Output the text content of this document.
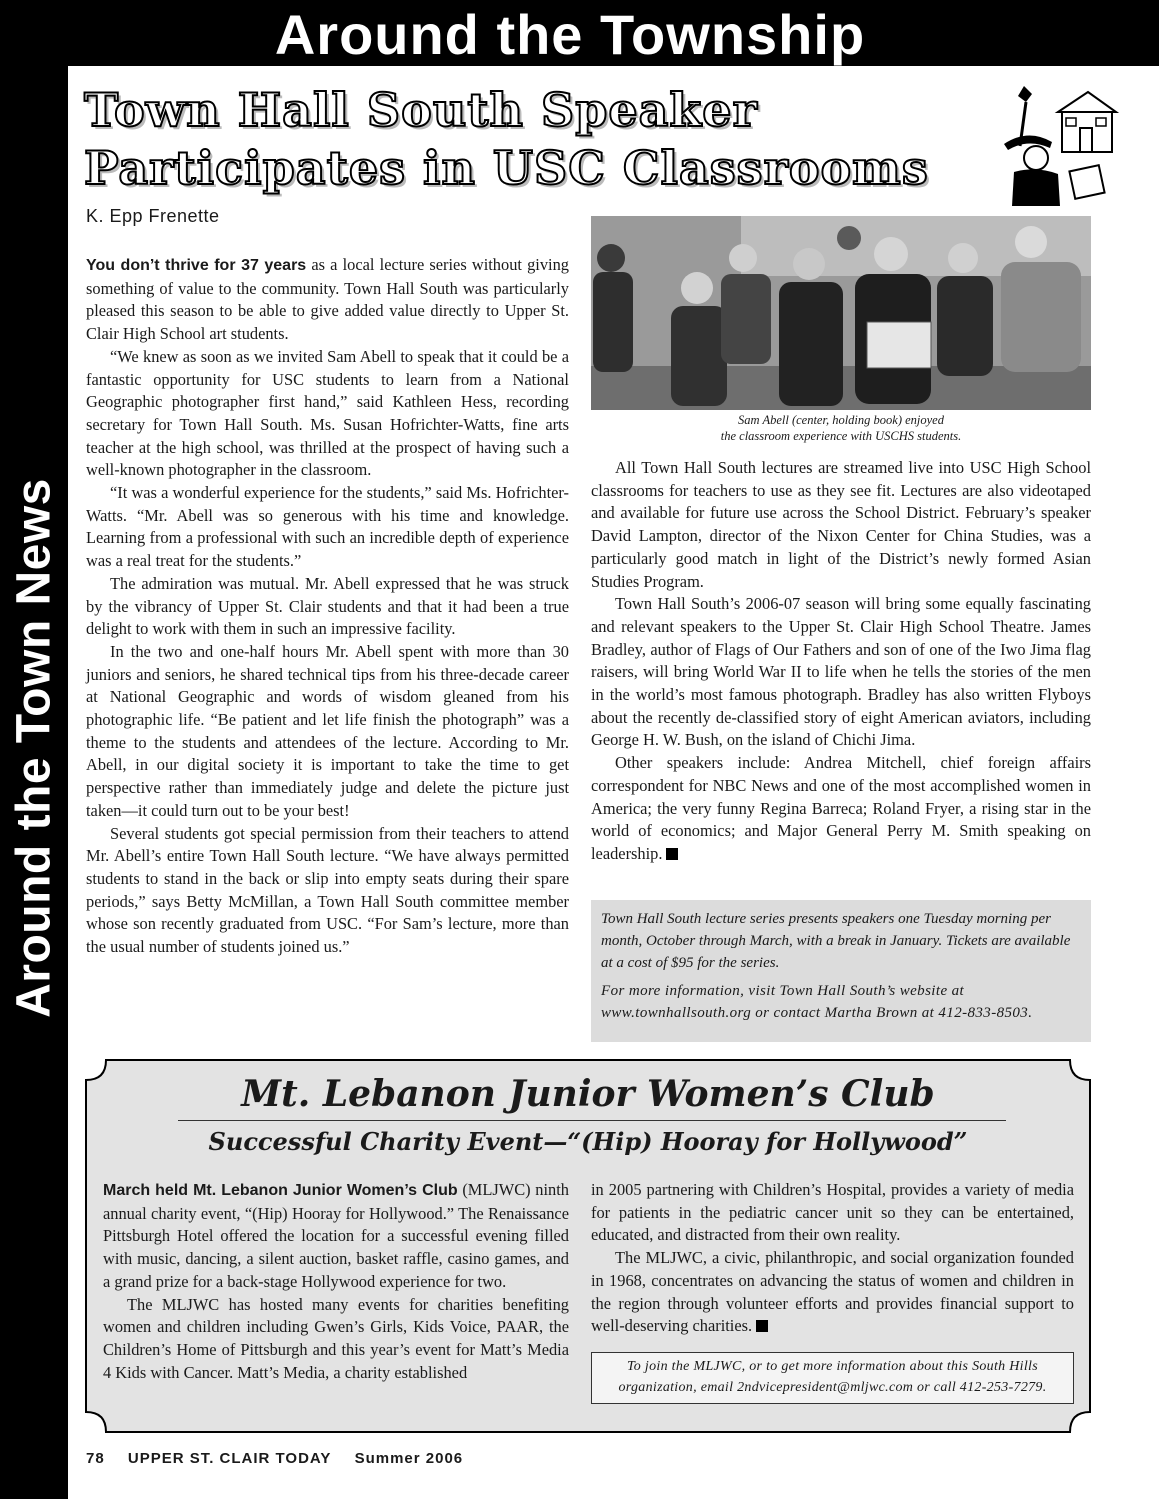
Around the Township
Around the Town News
Town Hall South Speaker
Participates in USC Classrooms
K. Epp Frenette

You don’t thrive for 37 years as a local lecture series without giving something of value to the community. Town Hall South was particularly pleased this season to be able to give added value directly to Upper St. Clair High School art students.

“We knew as soon as we invited Sam Abell to speak that it could be a fantastic opportunity for USC students to learn from a National Geographic photographer first hand,” said Kathleen Hess, recording secretary for Town Hall South. Ms. Susan Hofrichter-Watts, fine arts teacher at the high school, was thrilled at the prospect of having such a well-known photographer in the classroom.

“It was a wonderful experience for the students,” said Ms. Hofrichter-Watts. “Mr. Abell was so generous with his time and knowledge. Learning from a professional with such an incredible depth of experience was a real treat for the students.”

The admiration was mutual. Mr. Abell expressed that he was struck by the vibrancy of Upper St. Clair students and that it had been a true delight to work with them in such an impressive facility.

In the two and one-half hours Mr. Abell spent with more than 30 juniors and seniors, he shared technical tips from his three-decade career at National Geographic and words of wisdom gleaned from his photographic life. “Be patient and let life finish the photograph” was a theme to the students and attendees of the lecture. According to Mr. Abell, in our digital society it is important to take the time to get perspective rather than immediately judge and delete the picture just taken—it could turn out to be your best!

Several students got special permission from their teachers to attend Mr. Abell’s entire Town Hall South lecture. “We have always permitted students to stand in the back or slip into empty seats during their spare periods,” says Betty McMillan, a Town Hall South committee member whose son recently graduated from USC. “For Sam’s lecture, more than the usual number of students joined us.”

Sam Abell (center, holding book) enjoyed
the classroom experience with USCHS students.

All Town Hall South lectures are streamed live into USC High School classrooms for teachers to use as they see fit. Lectures are also videotaped and available for future use across the School District. February’s speaker David Lampton, director of the Nixon Center for China Studies, was a particularly good match in light of the District’s newly formed Asian Studies Program.

Town Hall South’s 2006-07 season will bring some equally fascinating and relevant speakers to the Upper St. Clair High School Theatre. James Bradley, author of Flags of Our Fathers and son of one of the Iwo Jima flag raisers, will bring World War II to life when he tells the stories of the men in the world’s most famous photograph. Bradley has also written Flyboys about the recently de-classified story of eight American aviators, including George H. W. Bush, on the island of Chichi Jima.

Other speakers include: Andrea Mitchell, chief foreign affairs correspondent for NBC News and one of the most accomplished women in America; the very funny Regina Barreca; Roland Fryer, a rising star in the world of economics; and Major General Perry M. Smith speaking on leadership.

Town Hall South lecture series presents speakers one Tuesday morning per month, October through March, with a break in January. Tickets are available at a cost of $95 for the series.

For more information, visit Town Hall South’s website at www.townhallsouth.org or contact Martha Brown at 412-833-8503.

Mt. Lebanon Junior Women’s Club
Successful Charity Event—“(Hip) Hooray for Hollywood”

March held Mt. Lebanon Junior Women’s Club (MLJWC) ninth annual charity event, “(Hip) Hooray for Hollywood.” The Renaissance Pittsburgh Hotel offered the location for a successful evening filled with music, dancing, a silent auction, basket raffle, casino games, and a grand prize for a back-stage Hollywood experience for two.

The MLJWC has hosted many events for charities benefiting women and children including Gwen’s Girls, Kids Voice, PAAR, the Children’s Home of Pittsburgh and this year’s event for Matt’s Media 4 Kids with Cancer. Matt’s Media, a charity established

in 2005 partnering with Children’s Hospital, provides a variety of media for patients in the pediatric cancer unit so they can be entertained, educated, and distracted from their own reality.

The MLJWC, a civic, philanthropic, and social organization founded in 1968, concentrates on advancing the status of women and children in the region through volunteer efforts and provides financial support to well-deserving charities.

To join the MLJWC, or to get more information about this South Hills
organization, email 2ndvicepresident@mljwc.com or call 412-253-7279.
78 UPPER ST. CLAIR TODAY Summer 2006
